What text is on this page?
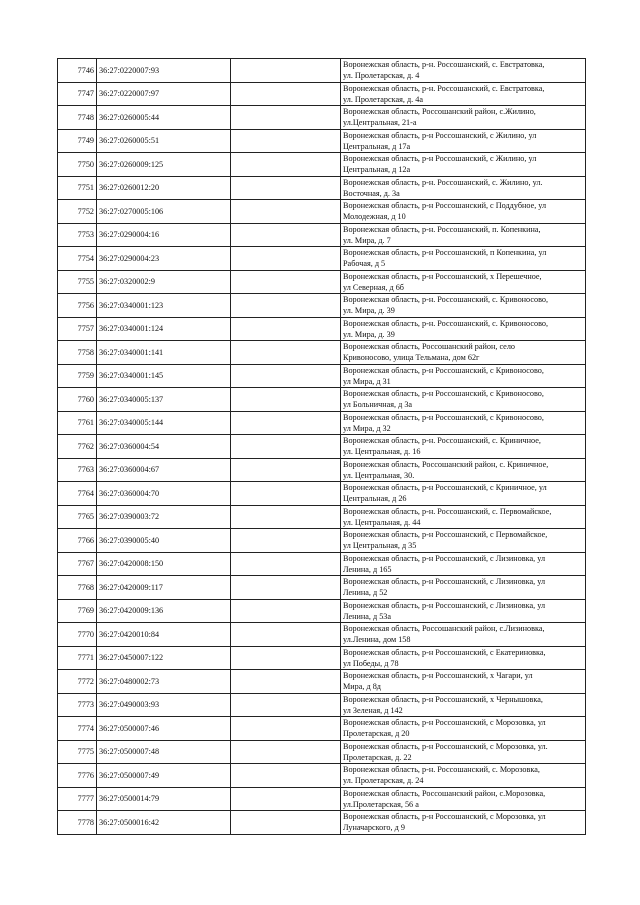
7746	36:27:0220007:93		Воронежская область, р-н. Россошанский, с. Евстратовка,
ул. Пролетарская, д. 4

7747	36:27:0220007:97		Воронежская область, р-н. Россошанский, с. Евстратовка,
ул. Пролетарская, д. 4а

7748	36:27:0260005:44		Воронежская область, Россошанский район, с.Жилино,
ул.Центральная, 21-а

7749	36:27:0260005:51		Воронежская область, р-н Россошанский, с Жилино, ул
Центральная, д 17а

7750	36:27:0260009:125		Воронежская область, р-н Россошанский, с Жилино, ул
Центральная, д 12а

7751	36:27:0260012:20		Воронежская область, р-н. Россошанский, с. Жилино, ул.
Восточная, д. 3а

7752	36:27:0270005:106		Воронежская область, р-н Россошанский, с Поддубное, ул
Молодежная, д 10

7753	36:27:0290004:16		Воронежская область, р-н. Россошанский, п. Копенкина,
ул. Мира, д. 7

7754	36:27:0290004:23		Воронежская область, р-н Россошанский, п Копенкина, ул
Рабочая, д 5

7755	36:27:0320002:9		Воронежская область, р-н Россошанский, х Перешечное,
ул Северная, д 6б

7756	36:27:0340001:123		Воронежская область, р-н. Россошанский, с. Кривоносово,
ул. Мира, д. 39

7757	36:27:0340001:124		Воронежская область, р-н. Россошанский, с. Кривоносово,
ул. Мира, д. 39

7758	36:27:0340001:141		Воронежская область, Россошанский район, село
Кривоносово, улица Тельмана, дом 62г

7759	36:27:0340001:145		Воронежская область, р-н Россошанский, с Кривоносово,
ул Мира, д 31

7760	36:27:0340005:137		Воронежская область, р-н Россошанский, с Кривоносово,
ул Больничная, д 3а

7761	36:27:0340005:144		Воронежская область, р-н Россошанский, с Кривоносово,
ул Мира, д 32

7762	36:27:0360004:54		Воронежская область, р-н. Россошанский, с. Криничное,
ул. Центральная, д. 16

7763	36:27:0360004:67		Воронежская область, Россошанский район, с. Криничное,
ул. Центральная, 30.

7764	36:27:0360004:70		Воронежская область, р-н Россошанский, с Криничное, ул
Центральная, д 26

7765	36:27:0390003:72		Воронежская область, р-н. Россошанский, с. Первомайское,
ул. Центральная, д. 44

7766	36:27:0390005:40		Воронежская область, р-н Россошанский, с Первомайское,
ул Центральная, д 35

7767	36:27:0420008:150		Воронежская область, р-н Россошанский, с Лизиновка, ул
Ленина, д 165

7768	36:27:0420009:117		Воронежская область, р-н Россошанский, с Лизиновка, ул
Ленина, д 52

7769	36:27:0420009:136		Воронежская область, р-н Россошанский, с Лизиновка, ул
Ленина, д 53а

7770	36:27:0420010:84		Воронежская область, Россошанский район, с.Лизиновка,
ул.Ленина, дом 158

7771	36:27:0450007:122		Воронежская область, р-н Россошанский, с Екатериновка,
ул Победы, д 78

7772	36:27:0480002:73		Воронежская область, р-н Россошанский, х Чагари, ул
Мира, д 8д

7773	36:27:0490003:93		Воронежская область, р-н Россошанский, х Чернышовка,
ул Зеленая, д 142

7774	36:27:0500007:46		Воронежская область, р-н Россошанский, с Морозовка, ул
Пролетарская, д 20

7775	36:27:0500007:48		Воронежская область, р-н Россошанский, с Морозовка, ул.
Пролетарская, д. 22

7776	36:27:0500007:49		Воронежская область, р-н. Россошанский, с. Морозовка,
ул. Пролетарская, д. 24

7777	36:27:0500014:79		Воронежская область, Россошанский район, с.Морозовка,
ул.Пролетарская, 56 а

7778	36:27:0500016:42		Воронежская область, р-н Россошанский, с Морозовка, ул
Луначарского, д 9
